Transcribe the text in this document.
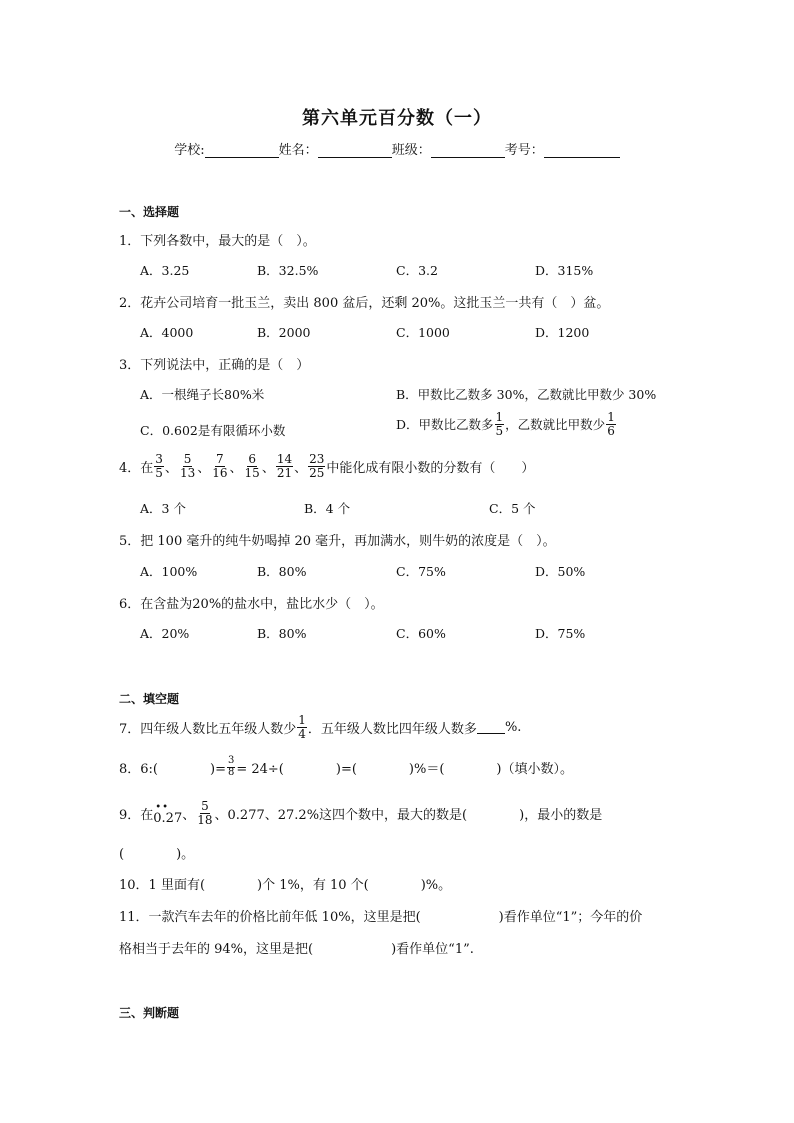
第六单元百分数（一）
学校:	姓名：	班级：	考号：
一、选择题
1．下列各数中，最大的是（　）。
A．3.25	B．32.5%	C．3.2	D．315%
2．花卉公司培育一批玉兰，卖出 800 盆后，还剩 20%。这批玉兰一共有（　）盆。
A．4000	B．2000	C．1000	D．1200
3．下列说法中，正确的是（　）
A．一根绳子长80%米	B．甲数比乙数多 30%，乙数就比甲数少 30%
C．0.602是有限循环小数	D．甲数比乙数多 $\frac{1}{5}$ ，乙数就比甲数少 $\frac{1}{6}$
4．在 $\frac{3}{5}$ 、 $\frac{5}{13}$ 、 $\frac{7}{16}$ 、 $\frac{6}{15}$ 、 $\frac{14}{21}$ 、 $\frac{23}{25}$ 中能化成有限小数的分数有（　　）
A．3 个	B．4 个	C．5 个
5．把 100 毫升的纯牛奶喝掉 20 毫升，再加满水，则牛奶的浓度是（　）。
A．100%	B．80%	C．75%	D．50%
6．在含盐为20%的盐水中，盐比水少（　）。
A．20%	B．80%	C．60%	D．75%
二、填空题
7．四年级人数比五年级人数少 $\frac{1}{4}$ ．五年级人数比四年级人数多 %.
8．6:(　　　　)= $\frac{3}{8} = 24\div$(　　　　)=(　　　　)%＝(　　　　)（填小数）。
9．在
••
0.27 、 $\frac{5}{18}$ 、0.277、27.2%这四个数中，最大的数是(　　　　)，最小的数是
(　　　　)。
10．1 里面有(　　　　)个 1%，有 10 个(　　　　)%。
11．一款汽车去年的价格比前年低 10%，这里是把(　　　　　　)看作单位“1”；今年的价
格相当于去年的 94%，这里是把(　　　　　　)看作单位“1”.
三、判断题
